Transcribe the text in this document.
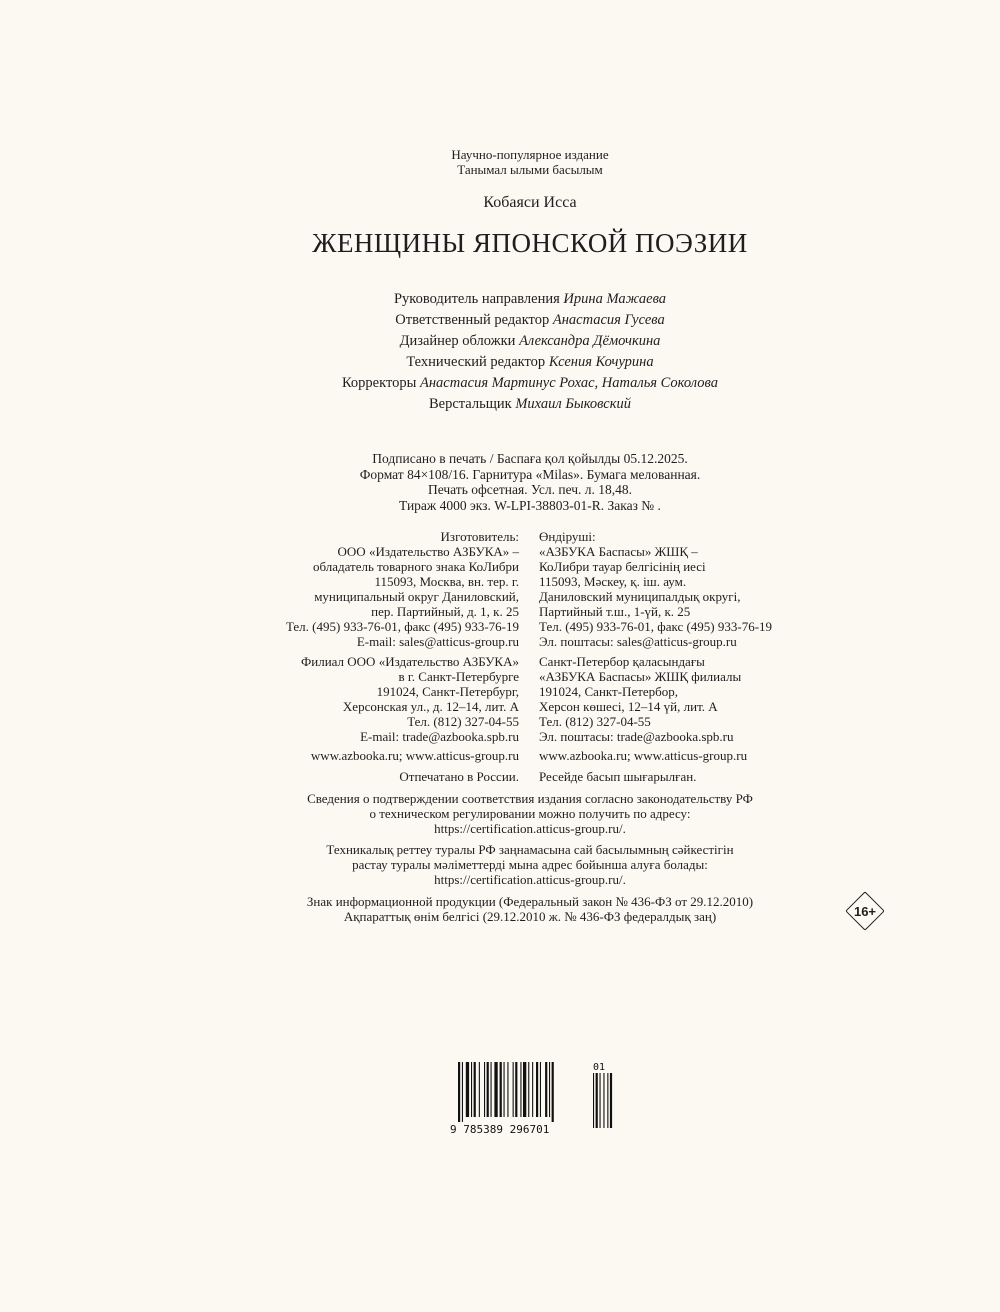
Научно-популярное издание
Танымал ылыми басылым
Кобаяси Исса
ЖЕНЩИНЫ ЯПОНСКОЙ ПОЭЗИИ
Руководитель направления Ирина Мажаева
Ответственный редактор Анастасия Гусева
Дизайнер обложки Александра Дёмочкина
Технический редактор Ксения Кочурина
Корректоры Анастасия Мартинус Рохас, Наталья Соколова
Верстальщик Михаил Быковский
Подписано в печать / Баспаға қол қойылды 05.12.2025.
Формат 84×108/16. Гарнитура «Milas». Бумага мелованная.
Печать офсетная. Усл. печ. л. 18,48.
Тираж 4000 экз. W-LPI-38803-01-R. Заказ № .
Изготовитель:
ООО «Издательство АЗБУКА» –
обладатель товарного знака КоЛибри
115093, Москва, вн. тер. г.
муниципальный округ Даниловский,
пер. Партийный, д. 1, к. 25
Тел. (495) 933-76-01, факс (495) 933-76-19
E-mail: sales@atticus-group.ru
Өндіруші:
«АЗБУКА Баспасы» ЖШҚ –
КоЛибри тауар белгісінің иесі
115093, Мәскеу, қ. іш. аум.
Даниловский муниципалдық округі,
Партийный т.ш., 1-үй, к. 25
Тел. (495) 933-76-01, факс (495) 933-76-19
Эл. поштасы: sales@atticus-group.ru
Филиал ООО «Издательство АЗБУКА»
в г. Санкт-Петербурге
191024, Санкт-Петербург,
Херсонская ул., д. 12–14, лит. А
Тел. (812) 327-04-55
E-mail: trade@azbooka.spb.ru
Санкт-Петербор қаласындағы
«АЗБУКА Баспасы» ЖШҚ филиалы
191024, Санкт-Петербор,
Херсон көшесі, 12–14 үй, лит. А
Тел. (812) 327-04-55
Эл. поштасы: trade@azbooka.spb.ru
www.azbooka.ru; www.atticus-group.ru www.azbooka.ru; www.atticus-group.ru
Отпечатано в России. Ресейде басып шығарылған.
Сведения о подтверждении соответствия издания согласно законодательству РФ
о техническом регулировании можно получить по адресу:
https://certification.atticus-group.ru/.
Техникалық реттеу туралы РФ заңнамасына сай басылымның сәйкестігін
растау туралы мәліметтерді мына адрес бойынша алуға болады:
https://certification.atticus-group.ru/.
Знак информационной продукции (Федеральный закон № 436-ФЗ от 29.12.2010)
Ақпараттық өнім белгісі (29.12.2010 ж. № 436-ФЗ федералдық заң)	16+
9 785389 296701
01
